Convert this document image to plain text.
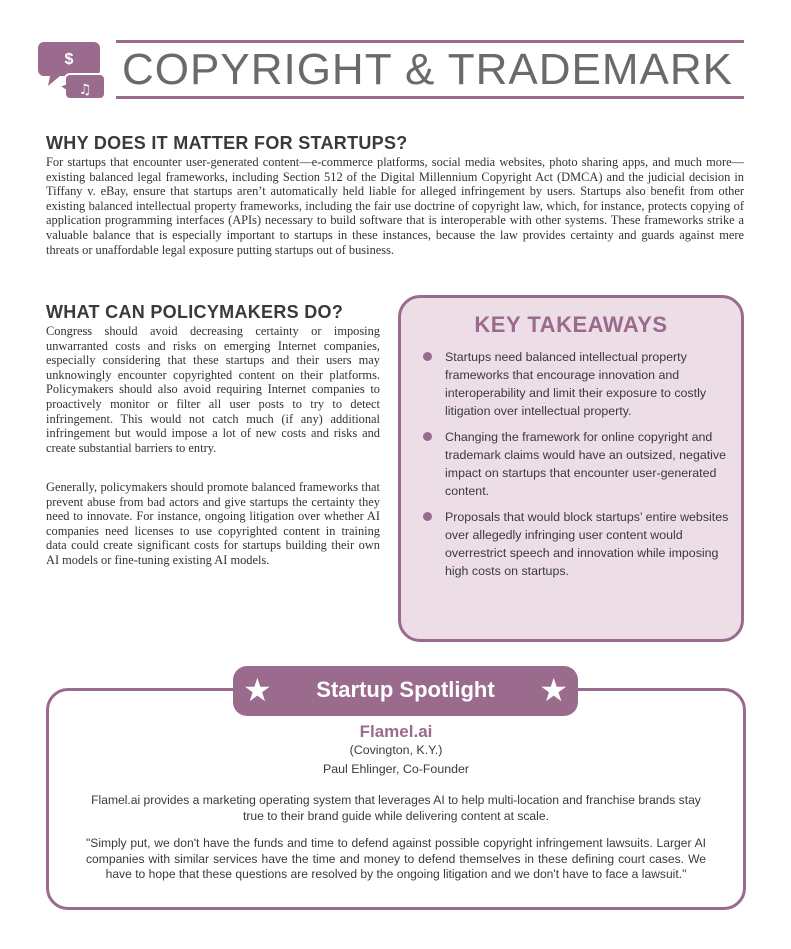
$
♫ COPYRIGHT & TRADEMARK
WHY DOES IT MATTER FOR STARTUPS?

For startups that encounter user-generated content—e-commerce platforms, social media websites, photo sharing apps, and much more—existing balanced legal frameworks, including Section 512 of the Digital Millennium Copyright Act (DMCA) and the judicial decision in Tiffany v. eBay, ensure that startups aren’t automatically held liable for alleged infringement by users. Startups also benefit from other existing balanced intellectual property frameworks, including the fair use doctrine of copyright law, which, for instance, protects copying of application programming interfaces (APIs) necessary to build software that is interoperable with other systems. These frameworks strike a valuable balance that is especially important to startups in these instances, because the law provides certainty and guards against mere threats or unaffordable legal exposure putting startups out of business.

WHAT CAN POLICYMAKERS DO?

Congress should avoid decreasing certainty or imposing unwarranted costs and risks on emerging Internet companies, especially considering that these startups and their users may unknowingly encounter copyrighted content on their platforms. Policymakers should also avoid requiring Internet companies to proactively monitor or filter all user posts to try to detect infringement. This would not catch much (if any) additional infringement but would impose a lot of new costs and risks and create substantial barriers to entry.

Generally, policymakers should promote balanced frameworks that prevent abuse from bad actors and give startups the certainty they need to innovate. For instance, ongoing litigation over whether AI companies need licenses to use copyrighted content in training data could create significant costs for startups building their own AI models or fine-tuning existing AI models.

KEY TAKEAWAYS
Startups need balanced intellectual property frameworks that encourage innovation and interoperability and limit their exposure to costly litigation over intellectual property.
Changing the framework for online copyright and trademark claims would have an outsized, negative impact on startups that encounter user-generated content.
Proposals that would block startups’ entire websites over allegedly infringing user content would overrestrict speech and innovation while imposing high costs on startups.
★	Startup Spotlight	★
Flamel.ai
(Covington, K.Y.)
Paul Ehlinger, Co-Founder

Flamel.ai provides a marketing operating system that leverages AI to help multi-location and franchise brands stay true to their brand guide while delivering content at scale.

"Simply put, we don't have the funds and time to defend against possible copyright infringement lawsuits. Larger AI companies with similar services have the time and money to defend themselves in these defining court cases. We have to hope that these questions are resolved by the ongoing litigation and we don't have to face a lawsuit."
